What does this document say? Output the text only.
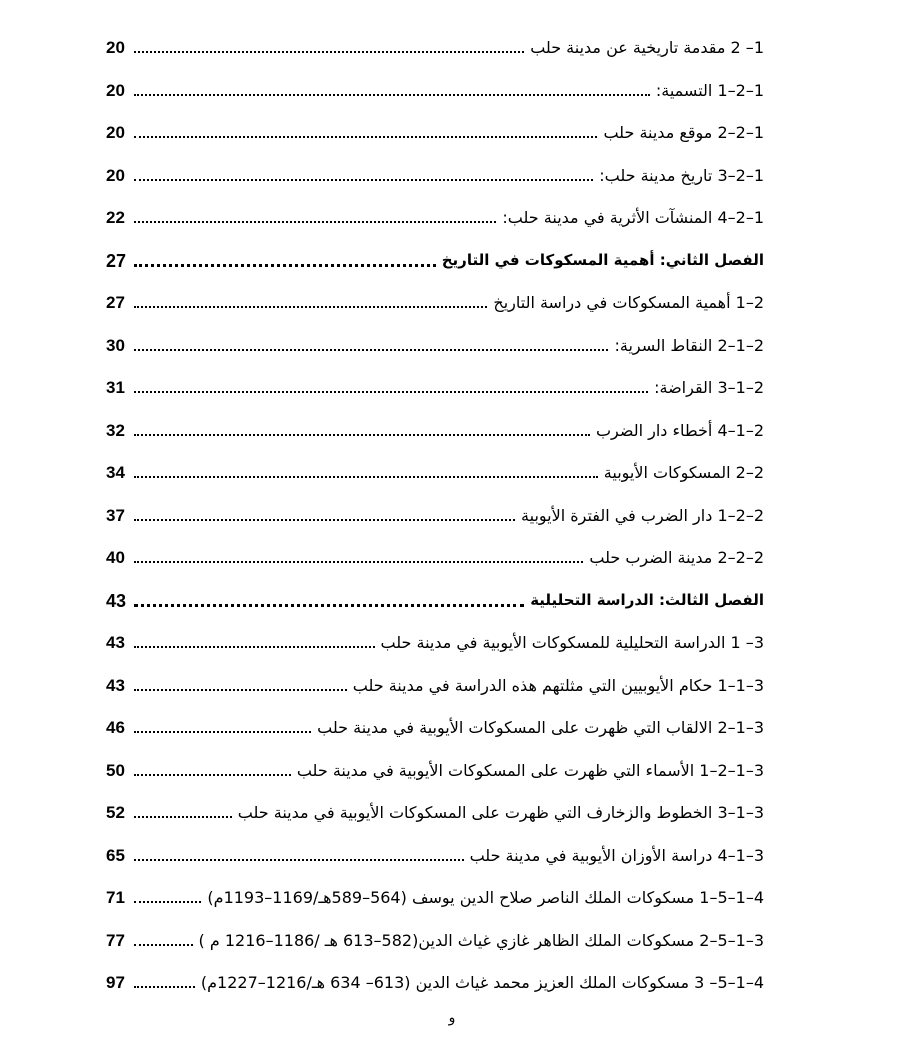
1– 2 مقدمة تاريخية عن مدينة حلب
20
1–2–1 التسمية:
20
1–2–2 موقع مدينة حلب
20
1–2–3 تاريخ مدينة حلب:
20
1–2–4 المنشآت الأثرية في مدينة حلب:
22
الفصل الثاني: أهمية المسكوكات في التاريخ
27
2–1 أهمية المسكوكات في دراسة التاريخ
27
2–1–2 النقاط السرية:
30
2–1–3 القراضة:
31
2–1–4 أخطاء دار الضرب
32
2–2 المسكوكات الأيوبية
34
2–2–1 دار الضرب في الفترة الأيوبية
37
2–2–2 مدينة الضرب حلب
40
الفصل الثالث: الدراسة التحليلية
43
3– 1 الدراسة التحليلية للمسكوكات الأيوبية في مدينة حلب
43
3–1–1 حكام الأيوبيين التي مثلتهم هذه الدراسة في مدينة حلب
43
3–1–2 الالقاب التي ظهرت على المسكوكات الأيوبية في مدينة حلب
46
3–1–2–1 الأسماء التي ظهرت على المسكوكات الأيوبية في مدينة حلب
50
3–1–3 الخطوط والزخارف التي ظهرت على المسكوكات الأيوبية في مدينة حلب
52
3–1–4 دراسة الأوزان الأيوبية في مدينة حلب
65
4–1–5–1 مسكوكات الملك الناصر صلاح الدين يوسف (564–589هـ/1169–1193م)
71
3–1–5–2 مسكوكات الملك الظاهر غازي غياث الدين(582–613 هـ /1186–1216 م )
77
4–1–5– 3 مسكوكات الملك العزيز محمد غياث الدين (613– 634 هـ/1216–1227م)
97
و
